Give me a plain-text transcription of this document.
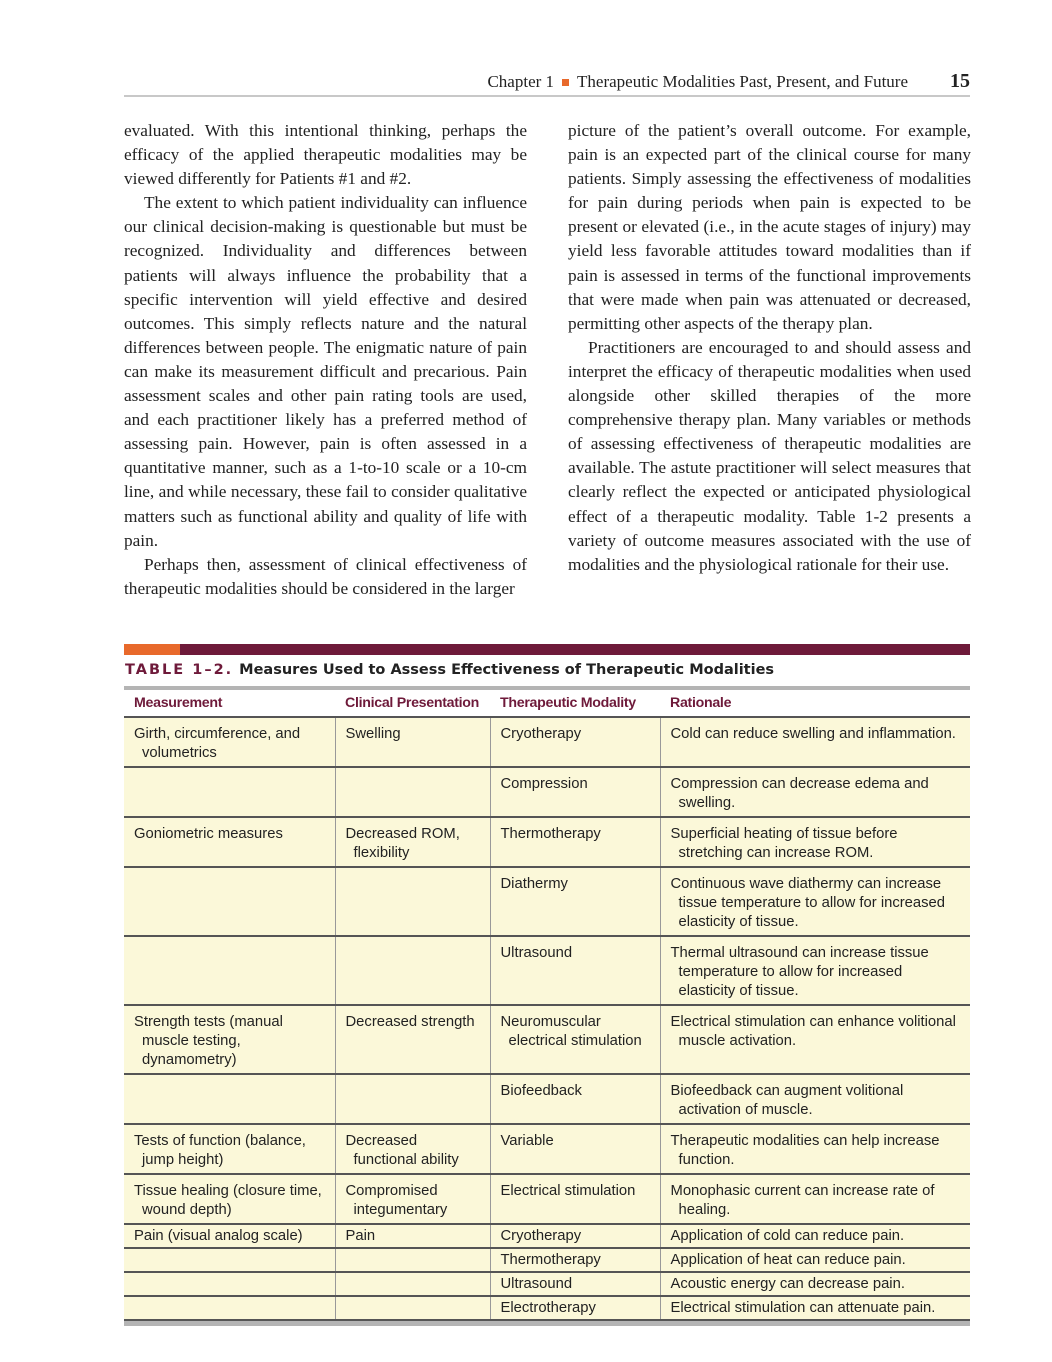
Chapter 1 Therapeutic Modalities Past, Present, and Future 15

evaluated. With this intentional thinking, perhaps the efficacy of the applied therapeutic modalities may be viewed differently for Patients #1 and #2.

The extent to which patient individuality can influence our clinical decision-making is questionable but must be recognized. Individuality and differences between patients will always influence the probability that a specific intervention will yield effective and desired outcomes. This simply reflects nature and the natural differences between people. The enigmatic nature of pain can make its measurement difficult and precarious. Pain assessment scales and other pain rating tools are used, and each practitioner likely has a preferred method of assessing pain. However, pain is often assessed in a quantitative manner, such as a 1-to-10 scale or a 10-cm line, and while necessary, these fail to consider qualitative matters such as functional ability and quality of life with pain.

Perhaps then, assessment of clinical effectiveness of therapeutic modalities should be considered in the larger

picture of the patient’s overall outcome. For example, pain is an expected part of the clinical course for many patients. Simply assessing the effectiveness of modalities for pain during periods when pain is expected to be present or elevated (i.e., in the acute stages of injury) may yield less favorable attitudes toward modalities than if pain is assessed in terms of the functional improvements that were made when pain was attenuated or decreased, permitting other aspects of the therapy plan.

Practitioners are encouraged to and should assess and interpret the efficacy of therapeutic modalities when used alongside other skilled therapies of the more comprehensive therapy plan. Many variables or methods of assessing effectiveness of therapeutic modalities are available. The astute practitioner will select measures that clearly reflect the expected or anticipated physiological effect of a therapeutic modality. Table 1-2 presents a variety of outcome measures associated with the use of modalities and the physiological rationale for their use.

TABLE 1–2. Measures Used to Assess Effectiveness of Therapeutic Modalities
Measurement	Clinical Presentation	Therapeutic Modality	Rationale

Girth, circumference, and volumetrics	Swelling	Cryotherapy	Cold can reduce swelling and inflammation.

		Compression	Compression can decrease edema and swelling.

Goniometric measures	Decreased ROM, flexibility	Thermotherapy	Superficial heating of tissue before stretching can increase ROM.

		Diathermy	Continuous wave diathermy can increase tissue temperature to allow for increased elasticity of tissue.

		Ultrasound	Thermal ultrasound can increase tissue temperature to allow for increased elasticity of tissue.

Strength tests (manual muscle testing, dynamometry)	Decreased strength	Neuromuscular electrical stimulation	Electrical stimulation can enhance volitional muscle activation.

		Biofeedback	Biofeedback can augment volitional activation of muscle.

Tests of function (balance, jump height)	Decreased functional ability	Variable	Therapeutic modalities can help increase function.

Tissue healing (closure time, wound depth)	Compromised integumentary	Electrical stimulation	Monophasic current can increase rate of healing.

Pain (visual analog scale)	Pain	Cryotherapy	Application of cold can reduce pain.

		Thermotherapy	Application of heat can reduce pain.

		Ultrasound	Acoustic energy can decrease pain.

		Electrotherapy	Electrical stimulation can attenuate pain.
